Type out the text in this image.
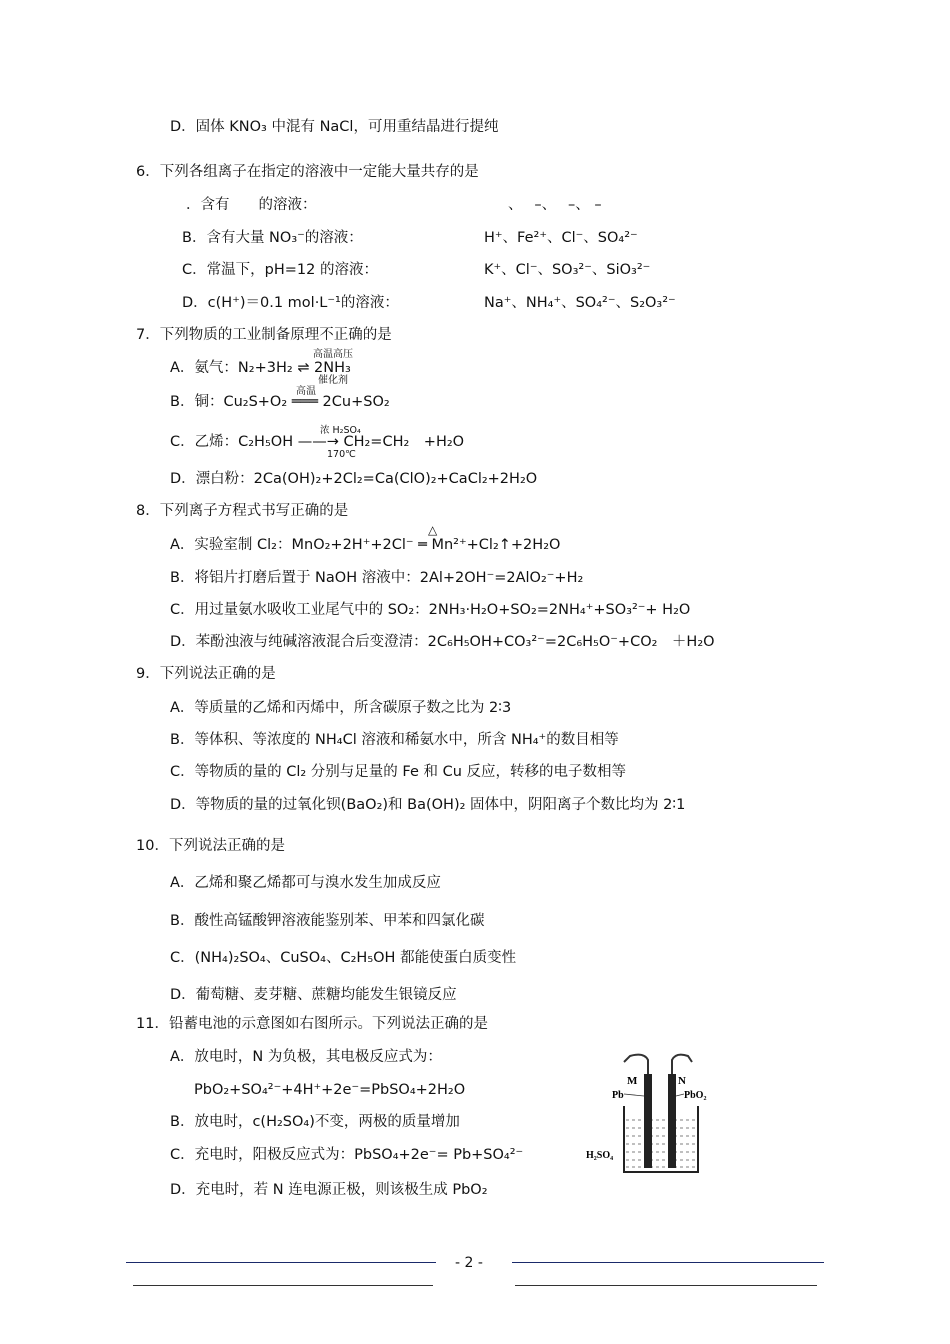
D．固体 KNO₃ 中混有 NaCl，可用重结晶进行提纯
6．下列各组离子在指定的溶液中一定能大量共存的是
．含有　　的溶液：	、　 –、　 –、 –
B．含有大量 NO₃⁻的溶液：	H⁺、Fe²⁺、Cl⁻、SO₄²⁻
C．常温下，pH=12 的溶液：	K⁺、Cl⁻、SO₃²⁻、SiO₃²⁻
D．c(H⁺)＝0.1 mol·L⁻¹的溶液：	Na⁺、NH₄⁺、SO₄²⁻、S₂O₃²⁻
7．下列物质的工业制备原理不正确的是
A．氨气：N₂+3H₂ ⇌ 2NH₃
高温高压
催化剂
B．铜：Cu₂S+O₂ ═══ 2Cu+SO₂
高温
C．乙烯：C₂H₅OH ——→ CH₂=CH₂　+H₂O
浓 H₂SO₄
170℃
D．漂白粉：2Ca(OH)₂+2Cl₂=Ca(ClO)₂+CaCl₂+2H₂O
8．下列离子方程式书写正确的是
A．实验室制 Cl₂：MnO₂+2H⁺+2Cl⁻ ═ Mn²⁺+Cl₂↑+2H₂O
△
B．将铝片打磨后置于 NaOH 溶液中：2Al+2OH⁻=2AlO₂⁻+H₂
C．用过量氨水吸收工业尾气中的 SO₂：2NH₃·H₂O+SO₂=2NH₄⁺+SO₃²⁻+ H₂O
D．苯酚浊液与纯碱溶液混合后变澄清：2C₆H₅OH+CO₃²⁻=2C₆H₅O⁻+CO₂　＋H₂O
9．下列说法正确的是
A．等质量的乙烯和丙烯中，所含碳原子数之比为 2∶3
B．等体积、等浓度的 NH₄Cl 溶液和稀氨水中，所含 NH₄⁺的数目相等
C．等物质的量的 Cl₂ 分别与足量的 Fe 和 Cu 反应，转移的电子数相等
D．等物质的量的过氧化钡(BaO₂)和 Ba(OH)₂ 固体中，阴阳离子个数比均为 2∶1
10．下列说法正确的是
A．乙烯和聚乙烯都可与溴水发生加成反应
B．酸性高锰酸钾溶液能鉴别苯、甲苯和四氯化碳
C．(NH₄)₂SO₄、CuSO₄、C₂H₅OH 都能使蛋白质变性
D．葡萄糖、麦芽糖、蔗糖均能发生银镜反应
11．铅蓄电池的示意图如右图所示。下列说法正确的是
A．放电时，N 为负极，其电极反应式为：
PbO₂+SO₄²⁻+4H⁺+2e⁻=PbSO₄+2H₂O
B．放电时，c(H₂SO₄)不变，两极的质量增加
C．充电时，阳极反应式为：PbSO₄+2e⁻= Pb+SO₄²⁻
D．充电时，若 N 连电源正极，则该极生成 PbO₂
M	N
Pb	PbO₂
H₂SO₄
- 2 -
